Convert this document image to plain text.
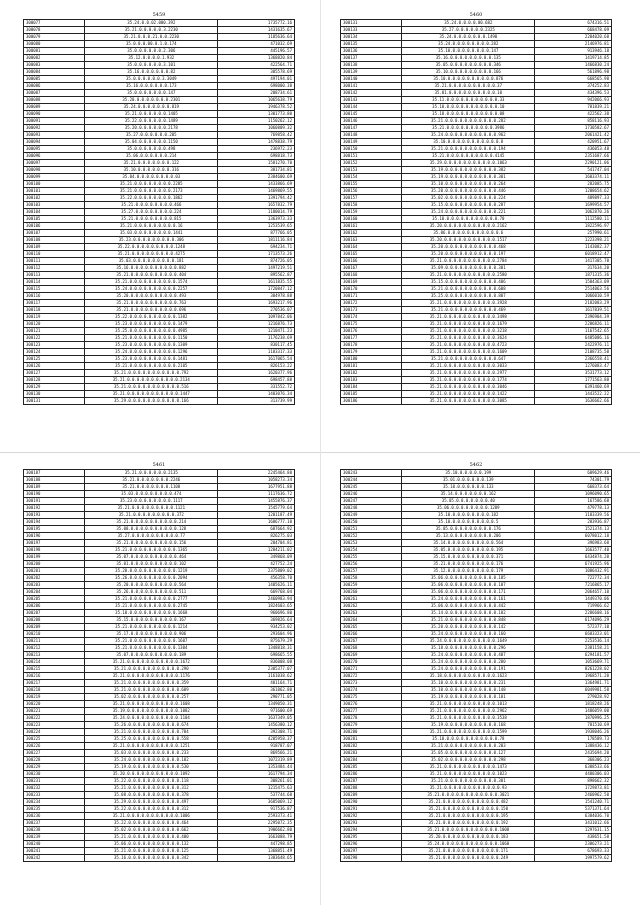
5459
300077	35.24.0.0.02.000.392	1735772.16
300078	35.21.0.0.0.0.0.3.2230	1431635.67
300079	35.21.0.0.0.21.0.0.2230	1185636.64
300080	35.0.0.0.00.0.1.0.174	471032.69
300081	35.0.0.0.0.0.0.2.306	445196.57
300082	35.12.0.0.0.0.1.932	1368820.84
300083	35.0.0.0.0.0.0.3.101	422564.71
300084	35.16.0.0.0.0.0.0.82	385578.69
300085	35.0.0.0.0.0.0.3.3049	497194.01
300086	35.16.0.0.0.0.0.0.173	698000.38
300087	35.0.0.0.0.0.0.0.147	208734.61
300088	35.20.0.0.0.0.0.0.0.2301	1065638.79
300089	35.24.0.0.0.0.0.0.0.819	1946378.52
300090	35.21.0.0.0.0.0.0.1405	1301773.80
300091	35.22.0.0.0.0.0.0.1489	1150262.12
300092	35.20.0.0.0.0.0.0.2178	1060809.32
300093	35.27.0.0.0.0.0.0.205	769858.42
300094	35.04.0.0.0.0.0.0.1150	1478838.79
300095	35.0.0.0.0.0.0.0.498	236972.23
300096	35.06.0.0.0.0.0.0.214	698818.73
300097	35.21.0.0.0.0.0.0.0.122	1581270.70
300098	35.10.0.0.0.0.0.0.0.316	381734.81
300099	35.04.0.0.0.0.0.0.0.0.03	2384600.69
300100	35.21.0.0.0.0.0.0.0.0.2285	1433866.69
300101	35.21.0.0.0.0.0.0.0.0.2173	1469869.55
300102	35.22.0.0.0.0.0.0.0.0.1862	1391794.42
300103	35.21.0.0.0.0.0.0.0.0.466	1657832.79
300104	35.27.0.0.0.0.0.0.0.0.224	1180014.79
300105	35.21.0.0.0.0.0.0.0.0.815	1363973.33
300106	35.21.0.0.0.0.0.0.0.0.0.16	1253539.65
300107	35.03.0.0.0.0.0.0.0.0.1441	877766.05
300108	35.23.0.0.0.0.0.0.0.0.0.306	1811116.84
300109	35.22.0.0.0.0.0.0.0.0.0.1248	694234.71
300110	35.21.0.0.0.0.0.0.0.0.0.4275	1713573.26
300111	35.03.0.0.0.0.0.0.0.0.0.181	874726.05
300112	35.16.0.0.0.0.0.0.0.0.0.0.882	1497219.51
300113	35.21.0.0.0.0.0.0.0.0.0.0.404	895562.87
300114	35.21.0.0.0.0.0.0.0.0.0.0.1574	1611835.55
300115	35.24.0.0.0.0.0.0.0.0.0.0.2257	1720847.12
300116	35.20.0.0.0.0.0.0.0.0.0.0.493	304978.88
300117	35.21.0.0.0.0.0.0.0.0.0.0.763	1693217.96
300118	35.21.0.0.0.0.0.0.0.0.0.0.696	270536.07
300119	35.22.0.0.0.0.0.0.0.0.0.0.1382	1097842.06
300120	35.23.0.0.0.0.0.0.0.0.0.0.1479	1216876.73
300121	35.25.0.0.0.0.0.0.0.0.0.0.4985	1210471.23
300122	35.21.0.0.0.0.0.0.0.0.0.0.1150	1176238.69
300123	35.23.0.0.0.0.0.0.0.0.0.0.1309	830117.45
300124	35.24.0.0.0.0.0.0.0.0.0.0.1296	1183317.33
300125	35.23.0.0.0.0.0.0.0.0.0.0.1481	1617065.54
300126	35.21.0.0.0.0.0.0.0.0.0.0.2105	826153.22
300127	35.21.0.0.0.0.0.0.0.0.0.0.0.792	1620377.96
300128	35.21.0.0.0.0.0.0.0.0.0.0.0.2134	698457.88
300129	35.21.0.0.0.0.0.0.0.0.0.0.0.516	331552.72
300130	35.21.0.0.0.0.0.0.0.0.0.0.0.1447	1403076.34
300131	35.29.0.0.0.0.0.0.0.0.0.0.0.166	313739.99
5460
300131	35.24.0.0.0.0.00.682	674316.51
300133	35.27.0.0.0.0.0.0.2325	668478.09
300134	35.24.0.0.0.0.0.0.0.1490	2204020.68
300135	35.24.0.0.0.0.0.0.0.0.282	2146976.81
300136	35.10.0.0.0.0.0.0.0.0.147	913946.18
300137	35.16.0.0.0.0.0.0.0.0.0.135	1419714.85
300138	35.05.0.0.0.0.0.0.0.0.0.346	1466830.24
300139	35.10.0.0.0.0.0.0.0.0.0.166	561896.98
300140	35.10.0.0.0.0.0.0.0.0.0.0.876	668565.98
300141	35.21.0.0.0.0.0.0.0.0.0.0.37	374252.83
300142	35.01.0.0.0.0.0.0.0.0.0.0.10	434396.53
300143	35.11.0.0.0.0.0.0.0.0.0.0.0.33	942066.93
300144	35.10.0.0.0.0.0.0.0.0.0.0.0.10	781839.21
300145	35.18.0.0.0.0.0.0.0.0.0.0.0.08	422562.38
300146	35.21.0.0.0.0.0.0.0.0.0.0.0.282	858116.93
300147	35.21.0.0.0.0.0.0.0.0.0.0.3986	1730582.67
300148	35.24.0.0.0.0.0.0.0.0.0.0.0.962	2061421.42
300149	35.10.0.0.0.0.0.0.0.0.0.0.0.8	420951.67
300150	35.21.0.0.0.0.0.0.0.0.0.0.0.194	436053.48
300151	35.21.0.0.0.0.0.0.0.0.0.0.4145	2351687.66
300152	35.29.0.0.0.0.0.0.0.0.0.0.0.1063	2290121.06
300153	35.19.0.0.0.0.0.0.0.0.0.0.0.382	541747.04
300154	35.19.0.0.0.0.0.0.0.0.0.0.0.301	1603374.11
300155	35.10.0.0.0.0.0.0.0.0.0.0.0.264	282085.75
300156	35.20.0.0.0.0.0.0.0.0.0.0.0.446	1208654.62
300157	35.02.0.0.0.0.0.0.0.0.0.0.0.224	489897.33
300158	35.15.0.0.0.0.0.0.0.0.0.0.0.287	1699954.57
300159	35.24.0.0.0.0.0.0.0.0.0.0.0.221	1062870.26
300160	35.10.0.0.0.0.0.0.0.0.0.0.0.70	1112580.11
300161	35.20.0.0.0.0.0.0.0.0.0.0.0.2162	1822596.97
300162	35.06.0.0.0.0.0.0.0.0.0.0.0.6	257990.61
300163	35.20.0.0.0.0.0.0.0.0.0.0.0.1517	1223398.21
300164	35.20.0.0.0.0.0.0.0.0.0.0.0.468	1143082.37
300165	35.20.0.0.0.0.0.0.0.0.0.0.0.197	6018912.47
300166	35.21.0.0.0.0.0.0.0.0.0.0.0.2784	1417305.70
300167	35.09.0.0.0.0.0.0.0.0.0.0.0.301	317634.20
300168	35.21.0.0.0.0.0.0.0.0.0.0.0.2580	1871315.36
300169	35.15.0.0.0.0.0.0.0.0.0.0.0.406	1504363.09
300170	35.21.0.0.0.0.0.0.0.0.0.0.0.608	2514063.56
300171	35.25.0.0.0.0.0.0.0.0.0.0.0.807	1066010.59
300172	35.21.0.0.0.0.0.0.0.0.0.0.0.3928	2182083.29
300173	35.21.0.0.0.0.0.0.0.0.0.0.0.469	1617839.51
300174	35.21.0.0.0.0.0.0.0.0.0.0.0.3498	2396904.39
300175	35.21.0.0.0.0.0.0.0.0.0.0.0.1679	2286826.11
300176	35.21.0.0.0.0.0.0.0.0.0.0.0.3218	1167542.65
300177	35.21.0.0.0.0.0.0.0.0.0.0.0.3624	6485086.16
300178	35.21.0.0.0.0.0.0.0.0.0.0.0.4723	2422976.11
300179	35.21.0.0.0.0.0.0.0.0.0.0.0.1609	2108735.50
300180	35.21.0.0.0.0.0.0.0.0.0.0.0.647	2366558.41
300181	35.21.0.0.0.0.0.0.0.0.0.0.0.3033	1276083.47
300182	35.21.0.0.0.0.0.0.0.0.0.0.0.2977	3531773.12
300183	35.21.0.0.0.0.0.0.0.0.0.0.0.1774	1771563.88
300184	35.21.0.0.0.0.0.0.0.0.0.0.0.3046	6391460.69
300185	35.21.0.0.0.0.0.0.0.0.0.0.0.1422	1443522.22
300186	35.21.0.0.0.0.0.0.0.0.0.0.0.3085	1636662.66
5461
300187	35.21.0.0.0.0.0.0.2135	2245464.88
300188	35.21.0.0.0.0.0.0.0.2246	1058273.34
300189	35.21.0.0.0.0.0.0.0.1108	1677951.88
300190	35.03.0.0.0.0.0.0.0.0.474	1117636.72
300191	35.23.0.0.0.0.0.0.0.0.1117	1455876.37
300192	35.21.0.0.0.0.0.0.0.0.0.1121	1545779.64
300193	35.21.0.0.0.0.0.0.0.0.0.372	1201187.49
300194	35.21.0.0.0.0.0.0.0.0.0.0.214	1686777.10
300195	35.08.0.0.0.0.0.0.0.0.0.0.128	687664.92
300196	35.27.0.0.0.0.0.0.0.0.0.0.77	826275.03
300197	35.21.0.0.0.0.0.0.0.0.0.0.156	204704.81
300198	35.21.0.0.0.0.0.0.0.0.0.0.1365	1284211.02
300199	35.07.0.0.0.0.0.0.0.0.0.0.464	349868.09
300200	35.01.0.0.0.0.0.0.0.0.0.0.102	427752.24
300201	35.20.0.0.0.0.0.0.0.0.0.0.1219	2375809.02
300202	35.26.0.0.0.0.0.0.0.0.0.0.2094	456358.70
300203	35.20.0.0.0.0.0.0.0.0.0.0.564	1405626.11
300204	35.26.0.0.0.0.0.0.0.0.0.0.511	669768.04
300205	35.21.0.0.0.0.0.0.0.0.0.0.2777	2460983.94
300206	35.21.0.0.0.0.0.0.0.0.0.0.2745	1824603.65
300207	35.10.0.0.0.0.0.0.0.0.0.0.1668	960696.80
300208	35.15.0.0.0.0.0.0.0.0.0.0.167	369826.64
300209	35.21.0.0.0.0.0.0.0.0.0.0.1214	934253.02
300210	35.17.0.0.0.0.0.0.0.0.0.0.906	293604.96
300211	35.21.0.0.0.0.0.0.0.0.0.0.1607	875679.29
300212	35.21.0.0.0.0.0.0.0.0.0.0.1304	1348818.31
300213	35.07.0.0.0.0.0.0.0.0.0.0.189	698665.55
300214	35.21.0.0.0.0.0.0.0.0.0.0.0.1672	836008.08
300215	35.21.0.0.0.0.0.0.0.0.0.0.0.290	2385377.07
300216	35.21.0.0.0.0.0.0.0.0.0.0.0.1176	1161038.62
300217	35.21.0.0.0.0.0.0.0.0.0.0.0.359	401164.71
300218	35.21.0.0.0.0.0.0.0.0.0.0.0.609	361862.80
300219	35.02.0.0.0.0.0.0.0.0.0.0.0.257	290771.05
300220	35.21.0.0.0.0.0.0.0.0.0.0.0.1608	1349050.31
300221	35.19.0.0.0.0.0.0.0.0.0.0.0.1082	971600.69
300222	35.24.0.0.0.0.0.0.0.0.0.0.0.1104	1637349.05
300223	35.26.0.0.0.0.0.0.0.0.0.0.0.674	1456380.12
300224	35.21.0.0.0.0.0.0.0.0.0.0.0.784	392308.71
300225	35.25.0.0.0.0.0.0.0.0.0.0.0.558	4205958.37
300226	35.21.0.0.0.0.0.0.0.0.0.0.0.1251	918787.07
300227	35.03.0.0.0.0.0.0.0.0.0.0.0.233	869566.21
300228	35.24.0.0.0.0.0.0.0.0.0.0.0.182	1072319.89
300229	35.19.0.0.0.0.0.0.0.0.0.0.0.530	1353484.44
300230	35.20.0.0.0.0.0.0.0.0.0.0.0.1092	1617794.34
300231	35.22.0.0.0.0.0.0.0.0.0.0.0.118	308261.01
300232	35.21.0.0.0.0.0.0.0.0.0.0.0.312	1215475.63
300233	35.08.0.0.0.0.0.0.0.0.0.0.0.378	537744.68
300234	35.29.0.0.0.0.0.0.0.0.0.0.0.497	3685069.12
300235	35.22.0.0.0.0.0.0.0.0.0.0.0.312	917536.87
300236	35.21.0.0.0.0.0.0.0.0.0.0.0.1006	2593373.41
300237	35.22.0.0.0.0.0.0.0.0.0.0.0.464	2295072.35
300238	35.02.0.0.0.0.0.0.0.0.0.0.0.662	1906662.80
300239	35.21.0.0.0.0.0.0.0.0.0.0.0.400	1663088.79
300240	35.06.0.0.0.0.0.0.0.0.0.0.0.132	447298.85
300241	35.21.0.0.0.0.0.0.0.0.0.0.0.125	1368851.49
300242	35.16.0.0.0.0.0.0.0.0.0.0.0.342	1383648.65
5462
300243	35.10.0.0.0.0.0.199	609629.46
300244	35.01.0.0.0.0.0.0.139	74301.79
300245	35.10.0.0.0.0.0.0.133	668373.64
300246	35.14.0.0.0.0.0.0.0.162	1096090.65
300247	35.05.0.0.0.0.0.0.0.40	167586.68
300248	35.06.0.0.0.0.0.0.0.0.1209	479778.13
300249	35.10.0.0.0.0.0.0.0.0.182	1183339.56
300250	35.10.0.0.0.0.0.0.0.0.0.5	283936.87
300251	35.05.0.0.0.0.0.0.0.0.0.176	1521374.13
300252	35.13.0.0.0.0.0.0.0.0.0.206	6078012.18
300253	35.14.0.0.0.0.0.0.0.0.0.0.564	396983.68
300254	35.05.0.0.0.0.0.0.0.0.0.0.195	1663577.40
300255	35.15.0.0.0.0.0.0.0.0.0.0.371	6434874.20
300256	35.21.0.0.0.0.0.0.0.0.0.0.176	6741925.96
300257	35.12.0.0.0.0.0.0.0.0.0.0.179	1086432.91
300258	35.06.0.0.0.0.0.0.0.0.0.0.0.185	722772.34
300259	35.06.0.0.0.0.0.0.0.0.0.0.0.107	7216865.17
300260	35.06.0.0.0.0.0.0.0.0.0.0.0.171	2064657.10
300261	35.24.0.0.0.0.0.0.0.0.0.0.0.161	1449370.06
300262	35.06.0.0.0.0.0.0.0.0.0.0.0.442	719966.62
300263	35.14.0.0.0.0.0.0.0.0.0.0.0.182	2286608.16
300264	35.21.0.0.0.0.0.0.0.0.0.0.0.848	6174096.29
300265	35.20.0.0.0.0.0.0.0.0.0.0.0.142	572377.10
300266	35.24.0.0.0.0.0.0.0.0.0.0.0.160	6683323.01
300267	35.24.0.0.0.0.0.0.0.0.0.0.0.1649	2253536.14
300268	35.18.0.0.0.0.0.0.0.0.0.0.0.296	2381158.21
300269	35.24.0.0.0.0.0.0.0.0.0.0.0.407	6294181.57
300270	35.24.0.0.0.0.0.0.0.0.0.0.0.200	1053669.71
300271	35.24.0.0.0.0.0.0.0.0.0.0.0.191	8261228.02
300272	35.18.0.0.0.0.0.0.0.0.0.0.0.1623	1968571.20
300273	35.10.0.0.0.0.0.0.0.0.0.0.0.231	1364981.71
300274	35.10.0.0.0.0.0.0.0.0.0.0.0.148	6049981.58
300275	35.19.0.0.0.0.0.0.0.0.0.0.0.101	279028.92
300276	35.21.0.0.0.0.0.0.0.0.0.0.0.1013	1818248.26
300277	35.21.0.0.0.0.0.0.0.0.0.0.0.2962	1486059.00
300278	35.21.0.0.0.0.0.0.0.0.0.0.0.3538	1870996.25
300279	35.19.0.0.0.0.0.0.0.0.0.0.0.168	781510.69
300280	35.21.0.0.0.0.0.0.0.0.0.0.0.1599	1938046.26
300281	35.10.0.0.0.0.0.0.0.0.0.0.0.78	178589.73
300282	35.21.0.0.0.0.0.0.0.0.0.0.0.203	1388436.12
300283	35.05.0.0.0.0.0.0.0.0.0.0.0.127	2435694.20
300284	35.02.0.0.0.0.0.0.0.0.0.0.0.298	368306.23
300285	35.21.0.0.0.0.0.0.0.0.0.0.0.1473	6388533.66
300286	35.21.0.0.0.0.0.0.0.0.0.0.0.1023	4480306.03
300287	35.21.0.0.0.0.0.0.0.0.0.0.0.301	898662.32
300288	35.21.0.0.0.0.0.0.0.0.0.0.0.0.93	1729873.81
300289	35.21.0.0.0.0.0.0.0.0.0.0.0.0.3021	2460962.50
300290	35.21.0.0.0.0.0.0.0.0.0.0.0.0.482	1541240.71
300291	35.21.0.0.0.0.0.0.0.0.0.0.0.0.150	5371371.64
300292	35.21.0.0.0.0.0.0.0.0.0.0.0.0.195	6384036.70
300293	35.21.0.0.0.0.0.0.0.0.0.0.0.0.192	3431012.66
300294	35.21.0.0.0.0.0.0.0.0.0.0.0.0.1008	1297631.15
300295	35.20.0.0.0.0.0.0.0.0.0.0.0.0.183	438651.58
300296	35.24.0.0.0.0.0.0.0.0.0.0.0.0.1060	2386273.21
300297	35.21.0.0.0.0.0.0.0.0.0.0.0.0.171	678693.33
300298	35.21.0.0.0.0.0.0.0.0.0.0.0.0.249	1997579.62
